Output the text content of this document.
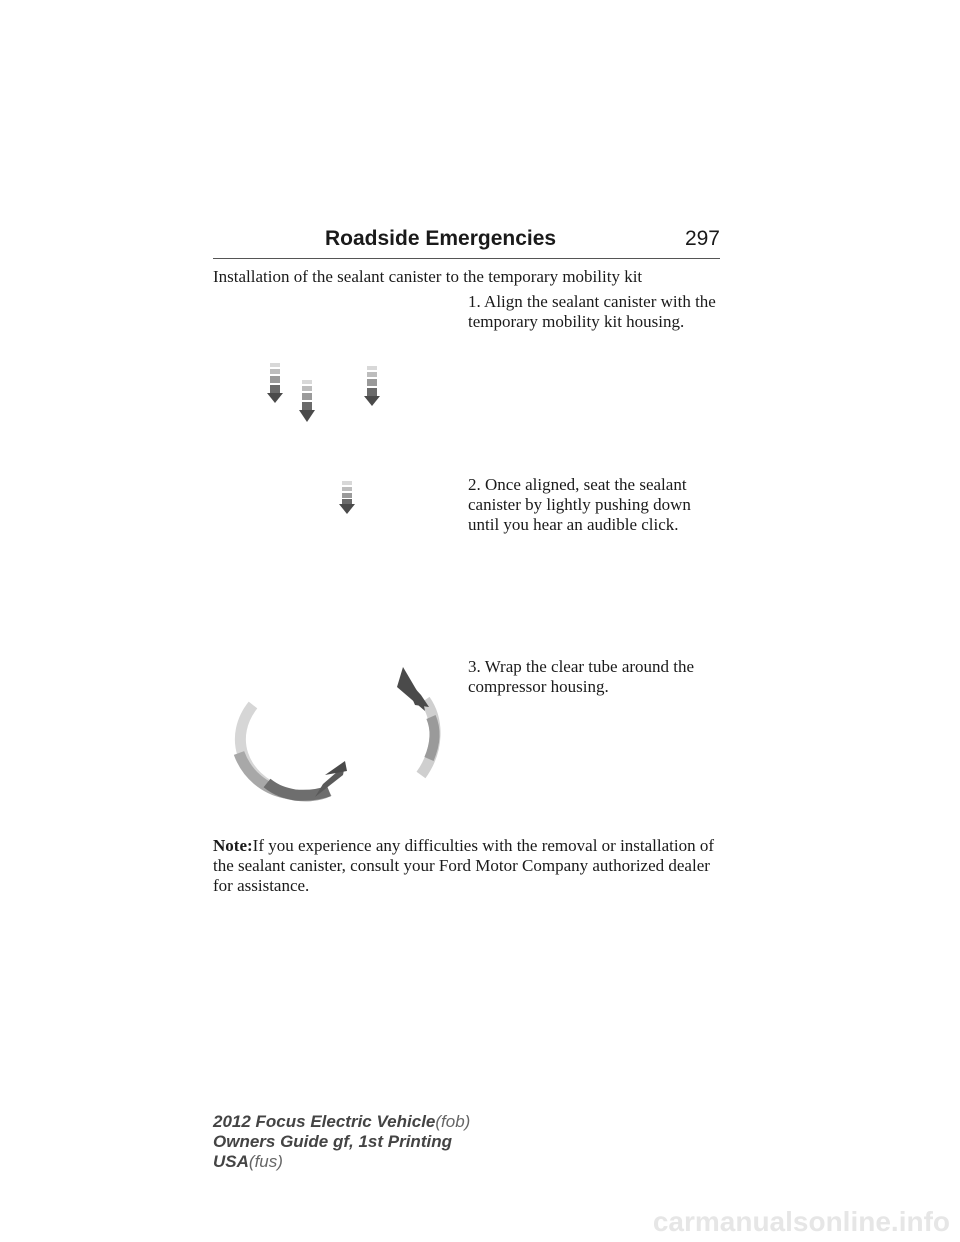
Roadside Emergencies	297
Installation of the sealant canister to the temporary mobility kit
1. Align the sealant canister with the temporary mobility kit housing.
2. Once aligned, seat the sealant canister by lightly pushing down until you hear an audible click.
3. Wrap the clear tube around the compressor housing.
Note:If you experience any difficulties with the removal or installation of the sealant canister, consult your Ford Motor Company authorized dealer for assistance.
2012 Focus Electric Vehicle(fob)
Owners Guide gf, 1st Printing
USA(fus)
carmanualsonline.info
